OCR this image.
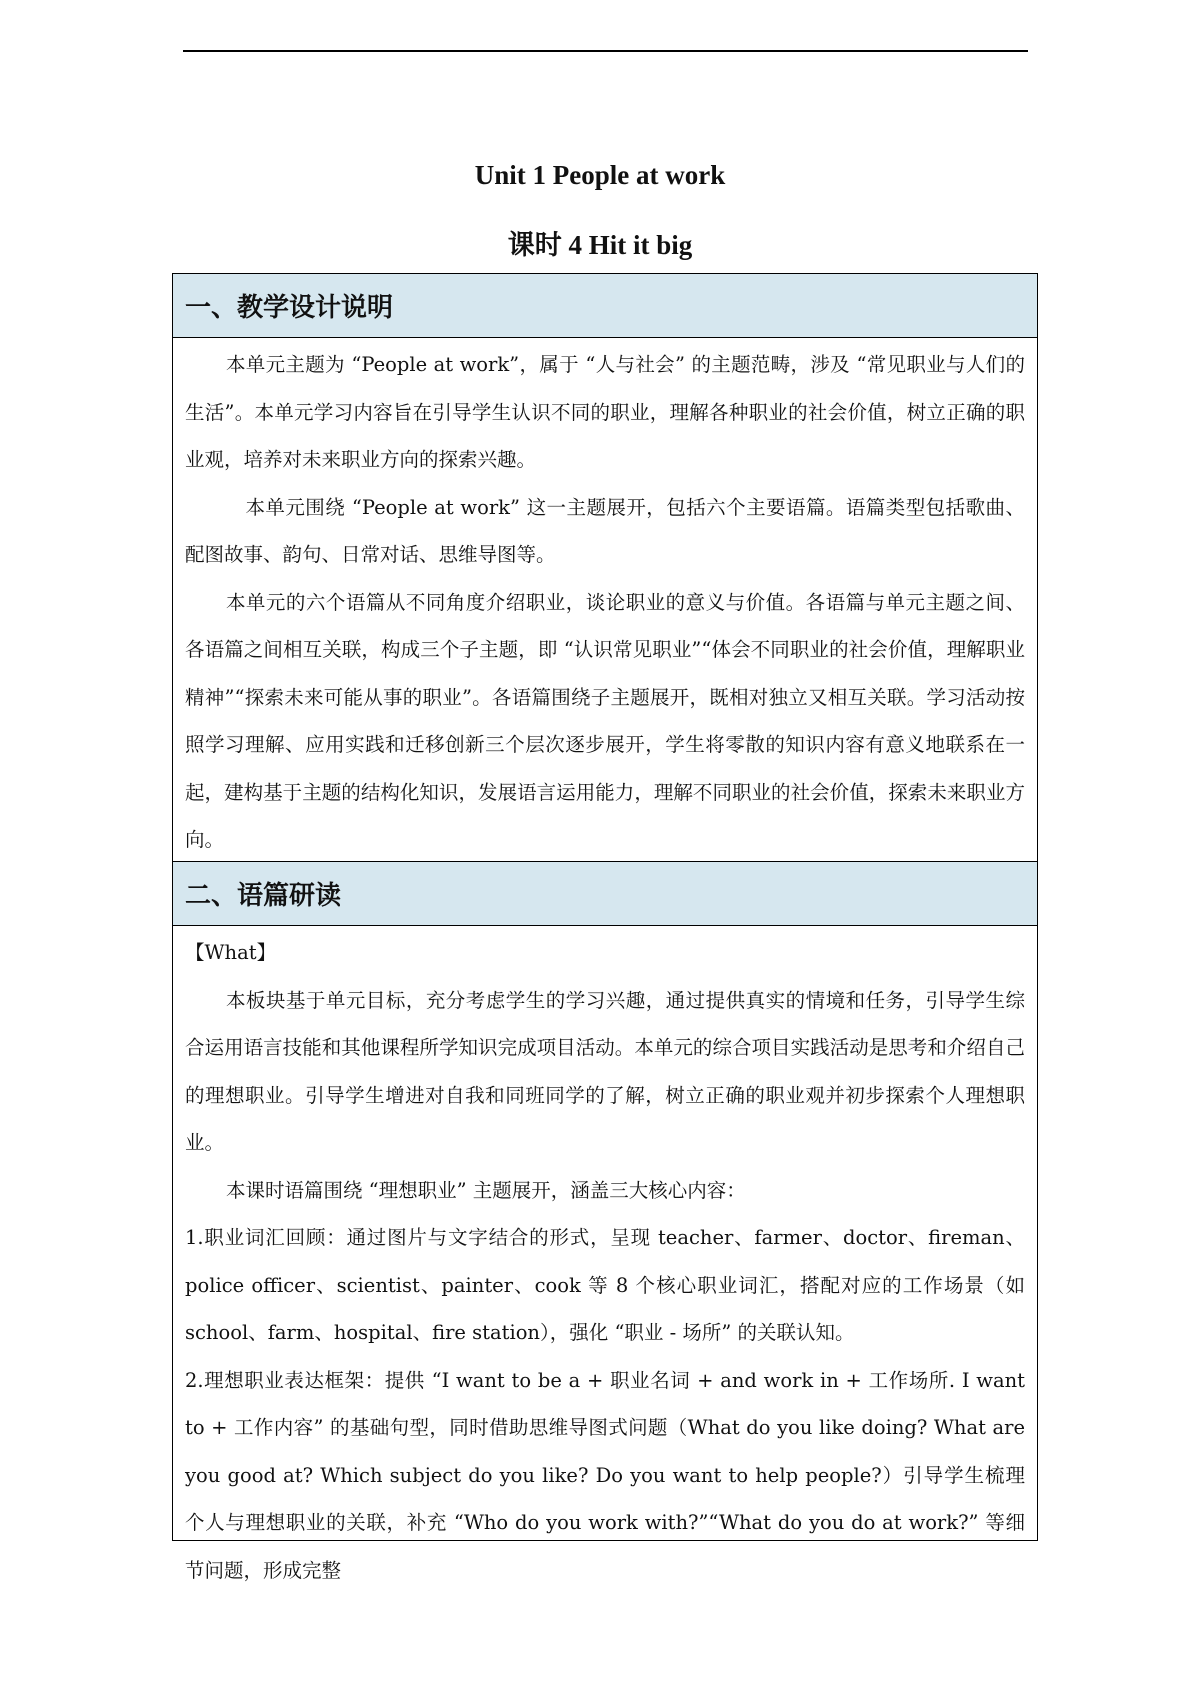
Unit 1 People at work
课时 4 Hit it big
一、教学设计说明

本单元主题为 “People at work”，属于 “人与社会” 的主题范畴，涉及 “常见职业与人们的生活”。本单元学习内容旨在引导学生认识不同的职业，理解各种职业的社会价值，树立正确的职业观，培养对未来职业方向的探索兴趣。

本单元围绕 “People at work” 这一主题展开，包括六个主要语篇。语篇类型包括歌曲、配图故事、韵句、日常对话、思维导图等。

本单元的六个语篇从不同角度介绍职业，谈论职业的意义与价值。各语篇与单元主题之间、各语篇之间相互关联，构成三个子主题，即 “认识常见职业”“体会不同职业的社会价值，理解职业精神”“探索未来可能从事的职业”。各语篇围绕子主题展开，既相对独立又相互关联。学习活动按照学习理解、应用实践和迁移创新三个层次逐步展开，学生将零散的知识内容有意义地联系在一起，建构基于主题的结构化知识，发展语言运用能力，理解不同职业的社会价值，探索未来职业方向。

二、语篇研读

【What】

本板块基于单元目标，充分考虑学生的学习兴趣，通过提供真实的情境和任务，引导学生综合运用语言技能和其他课程所学知识完成项目活动。本单元的综合项目实践活动是思考和介绍自己的理想职业。引导学生增进对自我和同班同学的了解，树立正确的职业观并初步探索个人理想职业。

本课时语篇围绕 “理想职业” 主题展开，涵盖三大核心内容：

1.职业词汇回顾：通过图片与文字结合的形式，呈现 teacher、farmer、doctor、fireman、police officer、scientist、painter、cook 等 8 个核心职业词汇，搭配对应的工作场景（如 school、farm、hospital、fire station），强化 “职业 - 场所” 的关联认知。

2.理想职业表达框架：提供 “I want to be a + 职业名词 + and work in + 工作场所. I want to + 工作内容” 的基础句型，同时借助思维导图式问题（What do you like doing? What are you good at? Which subject do you like? Do you want to help people?）引导学生梳理个人与理想职业的关联，补充 “Who do you work with?”“What do you do at work?” 等细节问题，形成完整
